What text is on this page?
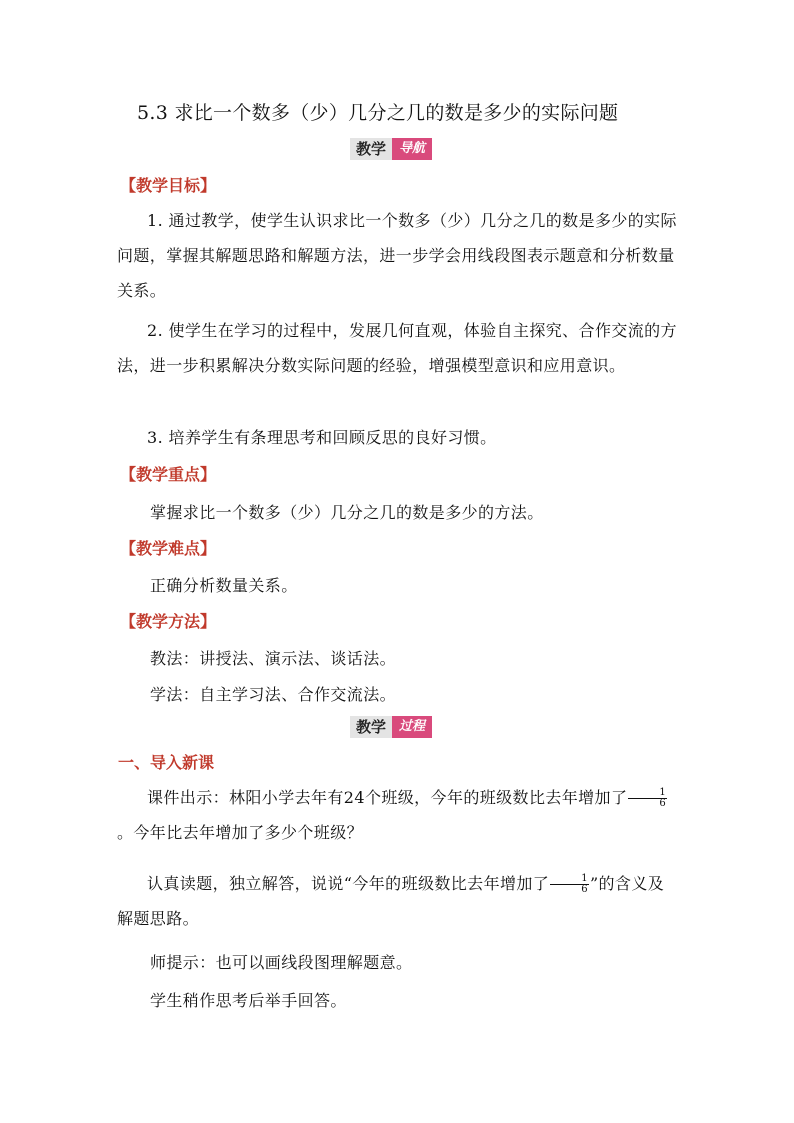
5.3 求比一个数多（少）几分之几的数是多少的实际问题
教学	导航
【教学目标】
1. 通过教学，使学生认识求比一个数多（少）几分之几的数是多少的实际问题，掌握其解题思路和解题方法，进一步学会用线段图表示题意和分析数量关系。
2. 使学生在学习的过程中，发展几何直观，体验自主探究、合作交流的方法，进一步积累解决分数实际问题的经验，增强模型意识和应用意识。
3. 培养学生有条理思考和回顾反思的良好习惯。
【教学重点】
掌握求比一个数多（少）几分之几的数是多少的方法。
【教学难点】
正确分析数量关系。
【教学方法】
教法：讲授法、演示法、谈话法。
学法：自主学习法、合作交流法。
教学	过程
一、导入新课
课件出示：林阳小学去年有24个班级，今年的班级数比去年增加了 $\frac{1}{6}$
。今年比去年增加了多少个班级？
认真读题，独立解答，说说“今年的班级数比去年增加了 $\frac{1}{6}$ ”的含义及解题思路。
师提示：也可以画线段图理解题意。
学生稍作思考后举手回答。
